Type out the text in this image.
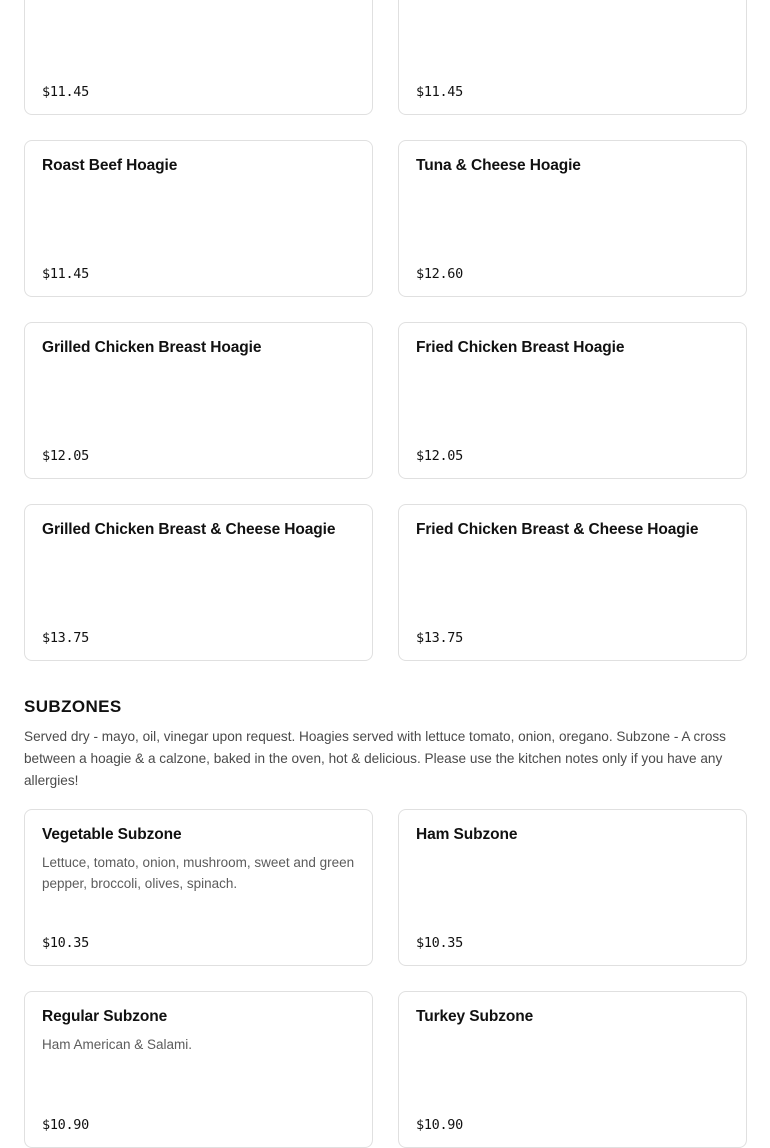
$11.45	$11.45
Roast Beef Hoagie
$11.45
Tuna & Cheese Hoagie
$12.60
Grilled Chicken Breast Hoagie
$12.05
Fried Chicken Breast Hoagie
$12.05
Grilled Chicken Breast & Cheese Hoagie
$13.75
Fried Chicken Breast & Cheese Hoagie
$13.75
SUBZONES

Served dry - mayo, oil, vinegar upon request. Hoagies served with lettuce tomato, onion, oregano. Subzone - A cross between a hoagie & a calzone, baked in the oven, hot & delicious. Please use the kitchen notes only if you have any allergies!

Vegetable Subzone
Lettuce, tomato, onion, mushroom, sweet and green pepper, broccoli, olives, spinach.
$10.35
Ham Subzone
$10.35
Regular Subzone
Ham American & Salami.
$10.90
Turkey Subzone
$10.90
